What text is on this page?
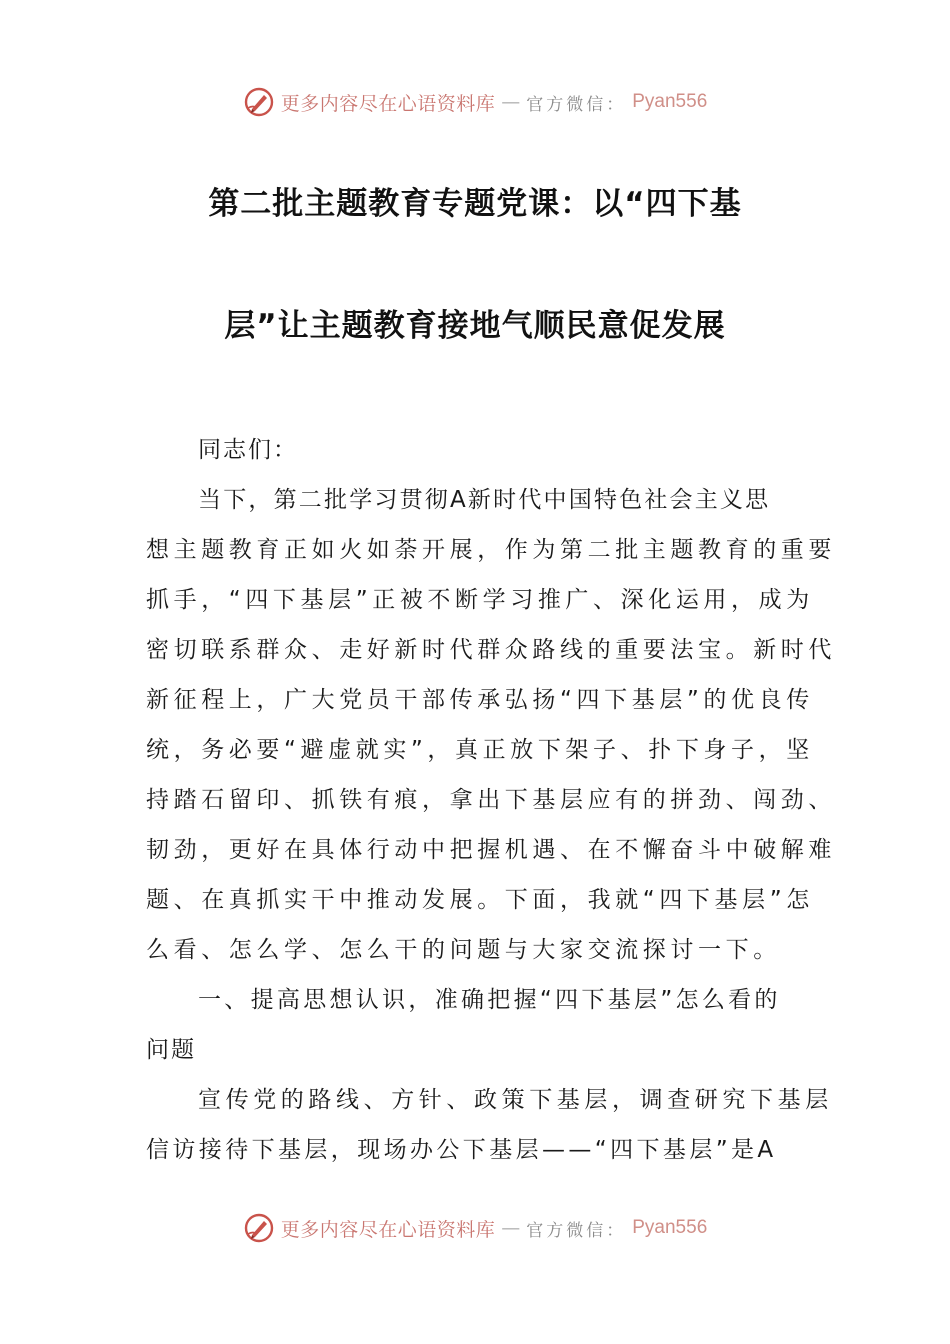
更多内容尽在心语资料库 — 官方微信： Pyan556
第二批主题教育专题党课：以“四下基
层”让主题教育接地气顺民意促发展
同志们：
当下，第二批学习贯彻A新时代中国特色社会主义思
想主题教育正如火如荼开展，作为第二批主题教育的重要
抓手，“四下基层”正被不断学习推广、深化运用，成为
密切联系群众、走好新时代群众路线的重要法宝。新时代
新征程上，广大党员干部传承弘扬“四下基层”的优良传
统，务必要“避虚就实”，真正放下架子、扑下身子，坚
持踏石留印、抓铁有痕，拿出下基层应有的拼劲、闯劲、
韧劲，更好在具体行动中把握机遇、在不懈奋斗中破解难
题、在真抓实干中推动发展。下面，我就“四下基层”怎
么看、怎么学、怎么干的问题与大家交流探讨一下。
一、提高思想认识，准确把握“四下基层”怎么看的
问题
宣传党的路线、方针、政策下基层，调查研究下基层
信访接待下基层，现场办公下基层——“四下基层”是A
更多内容尽在心语资料库 — 官方微信： Pyan556
